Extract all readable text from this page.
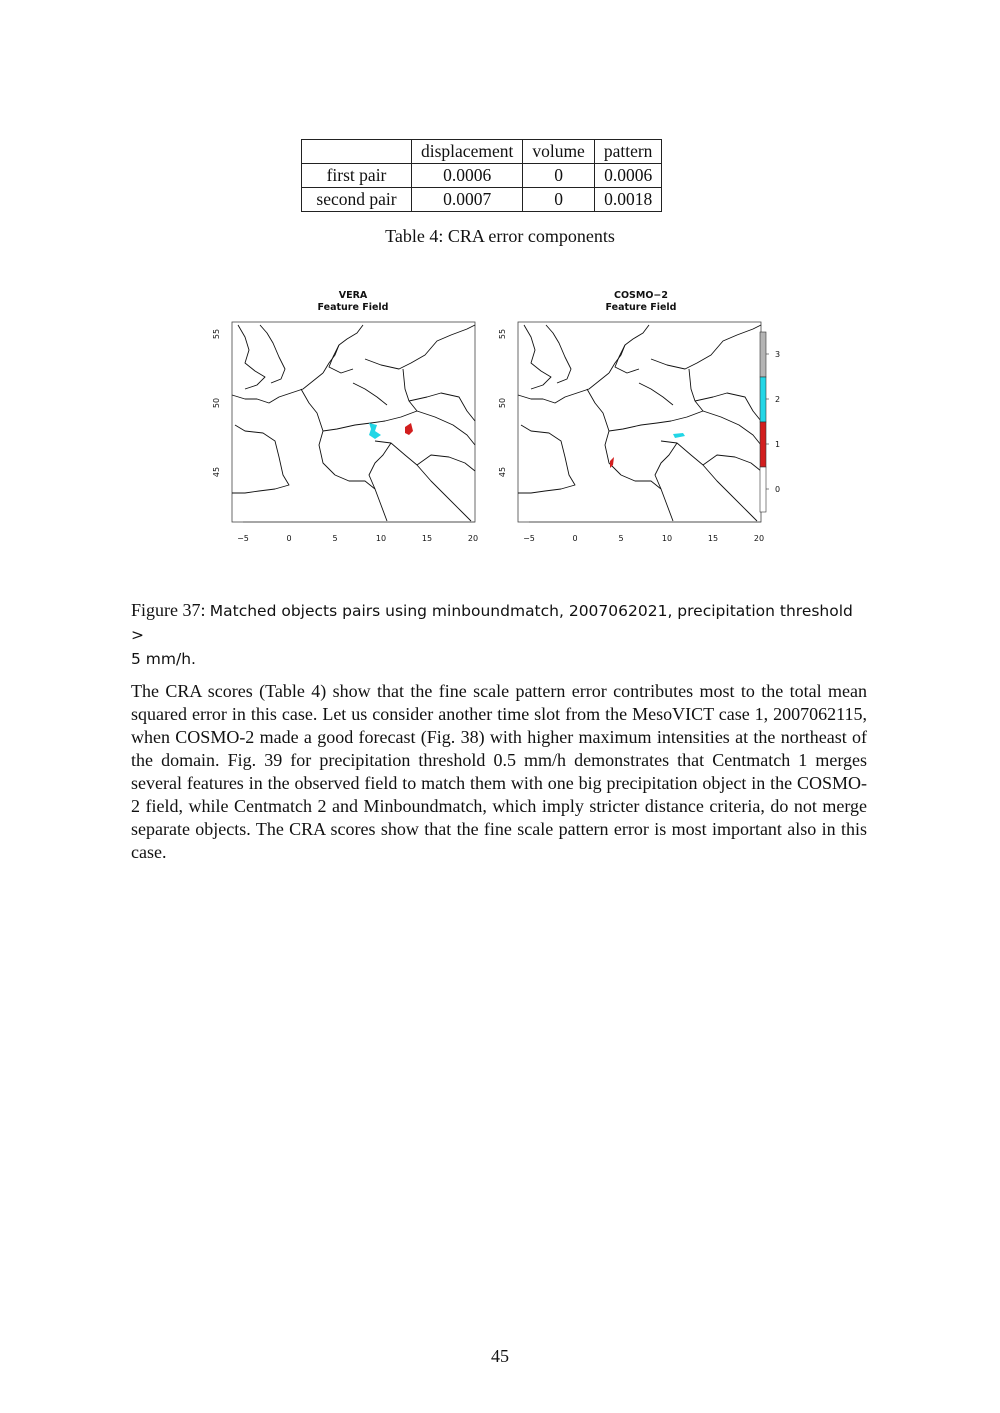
	displacement	volume	pattern
first pair	0.0006	0	0.0006
second pair	0.0007	0	0.0018
Table 4: CRA error components
VERA
Feature Field
−5	0	5	10	15	20
55
50
45
COSMO−2
Feature Field
−5	0	5	10	15	20
55
50
45
3
2
1
0
Figure 37: Matched objects pairs using minboundmatch, 2007062021, precipitation threshold >
5 mm/h.

The CRA scores (Table 4) show that the fine scale pattern error contributes most to the total mean squared error in this case. Let us consider another time slot from the MesoVICT case 1, 2007062115, when COSMO-2 made a good forecast (Fig. 38) with higher maximum intensities at the northeast of the domain. Fig. 39 for precipitation threshold 0.5 mm/h demonstrates that Centmatch 1 merges several features in the observed field to match them with one big precipitation object in the COSMO-2 field, while Centmatch 2 and Minboundmatch, which imply stricter distance criteria, do not merge separate objects. The CRA scores show that the fine scale pattern error is most important also in this case.

45
